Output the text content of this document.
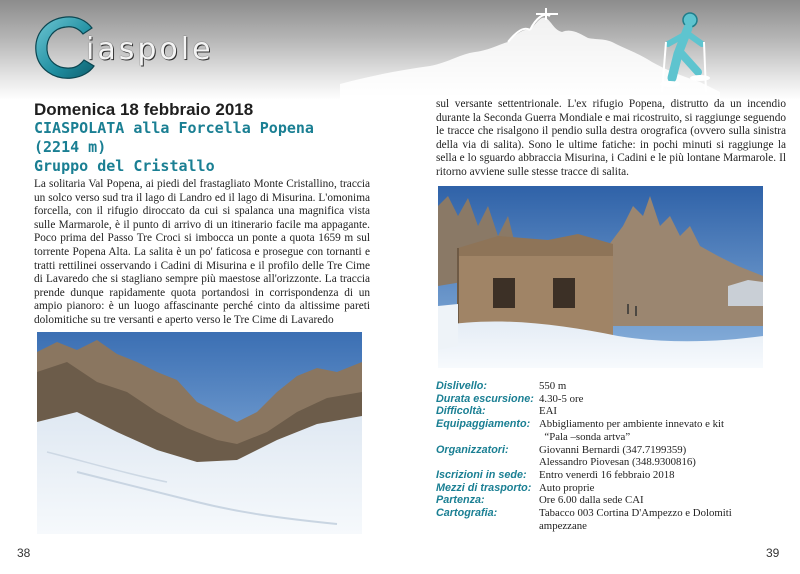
iaspole
Domenica 18 febbraio 2018
CIASPOLATA alla Forcella Popena
(2214 m)
Gruppo del Cristallo

La solitaria Val Popena, ai piedi del frastagliato Monte Cristallino, traccia un solco verso sud tra il lago di Landro ed il lago di Misurina. L'omonima forcella, con il rifugio diroccato da cui si spalanca una magnifica vista sulle Marmarole, è il punto di arrivo di un itinerario facile ma appagante. Poco prima del Passo Tre Croci si imbocca un ponte a quota 1659 m sul torrente Popena Alta. La salita è un po' faticosa e prosegue con tornanti e tratti rettilinei osservando i Cadini di Misurina e il profilo delle Tre Cime di Lavaredo che si stagliano sempre più maestose all'orizzonte. La traccia prende dunque rapidamente quota portandosi in corrispondenza di un ampio pianoro: è un luogo affascinante perché cinto da altissime pareti dolomitiche su tre versanti e aperto verso le Tre Cime di Lavaredo

38

sul versante settentrionale. L'ex rifugio Popena, distrutto da un incendio durante la Seconda Guerra Mondiale e mai ricostruito, si raggiunge seguendo le tracce che risalgono il pendio sulla destra orografica (ovvero sulla sinistra della via di salita). Sono le ultime fatiche: in pochi minuti si raggiunge la sella e lo sguardo abbraccia Misurina, i Cadini e le più lontane Marmarole. Il ritorno avviene sulle stesse tracce di salita.

Dislivello:	550 m
Durata escursione: 4.30-5 ore
Difficoltà:	EAI
Equipaggiamento: Abbigliamento per ambiente innevato e kit
“Pala –sonda artva”
Organizzatori:	Giovanni Bernardi (347.7199359)
Alessandro Piovesan (348.9300816)
Iscrizioni in sede:	Entro venerdì 16 febbraio 2018
Mezzi di trasporto: Auto proprie
Partenza:	Ore 6.00 dalla sede CAI
Cartografia:	Tabacco 003 Cortina D'Ampezzo e Dolomiti
ampezzane
39
